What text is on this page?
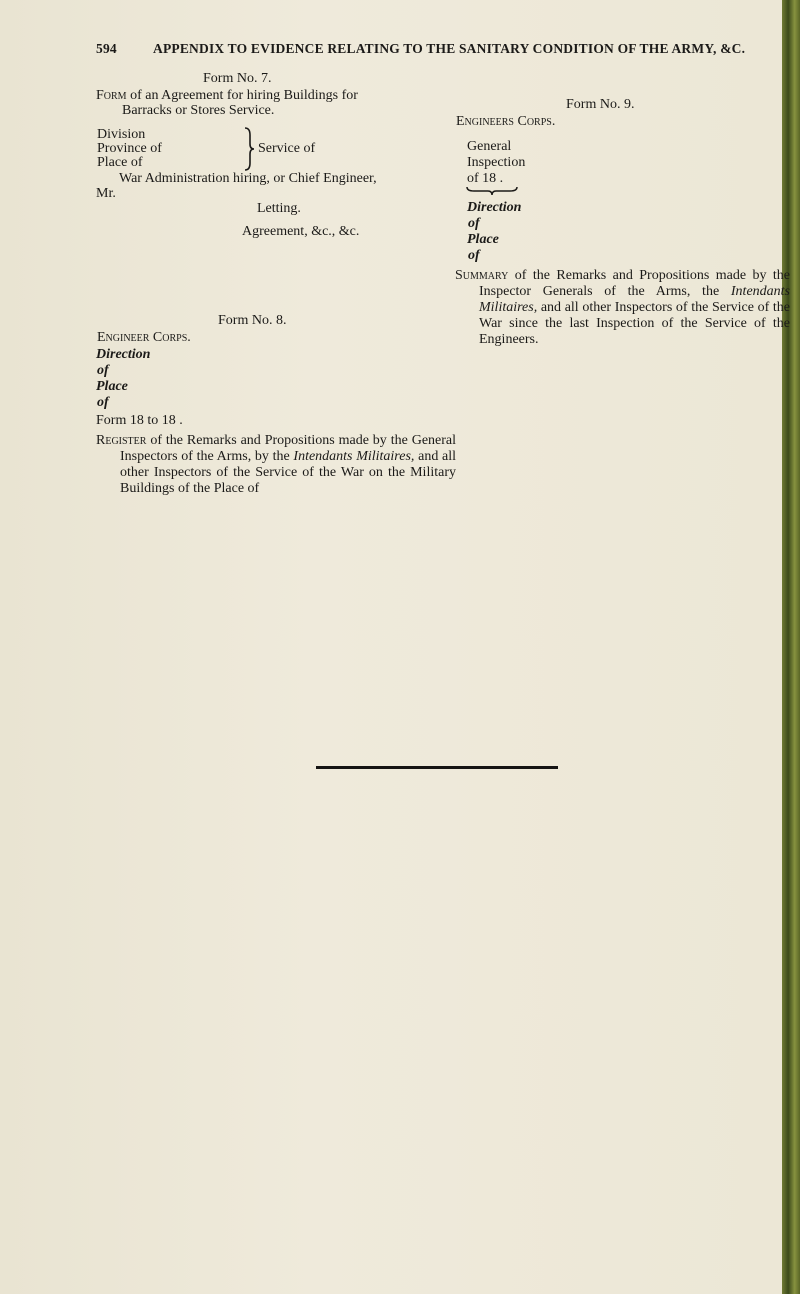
594	APPENDIX TO EVIDENCE RELATING TO THE SANITARY CONDITION OF THE ARMY, &C.
Form No. 7.
Form of an Agreement for hiring Buildings for
Barracks or Stores Service.
Division
Province of
Place of
Service of
War Administration hiring, or Chief Engineer,
Mr.
Letting.
Agreement, &c., &c.
Form No. 8.
Engineer Corps.
Direction
of
Place
of
Form 18 to 18 .
Register of the Remarks and Propositions made by the General Inspectors of the Arms, by the Intendants Militaires, and all other Inspectors of the Service of the War on the Military Buildings of the Place of
Form No. 9.
Engineers Corps.
General
Inspection
of 18 .
Direction
of
Place
of
Summary of the Remarks and Propositions made by the Inspector Generals of the Arms, the Intendants Militaires, and all other Inspectors of the Service of the War since the last Inspection of the Service of the Engineers.
